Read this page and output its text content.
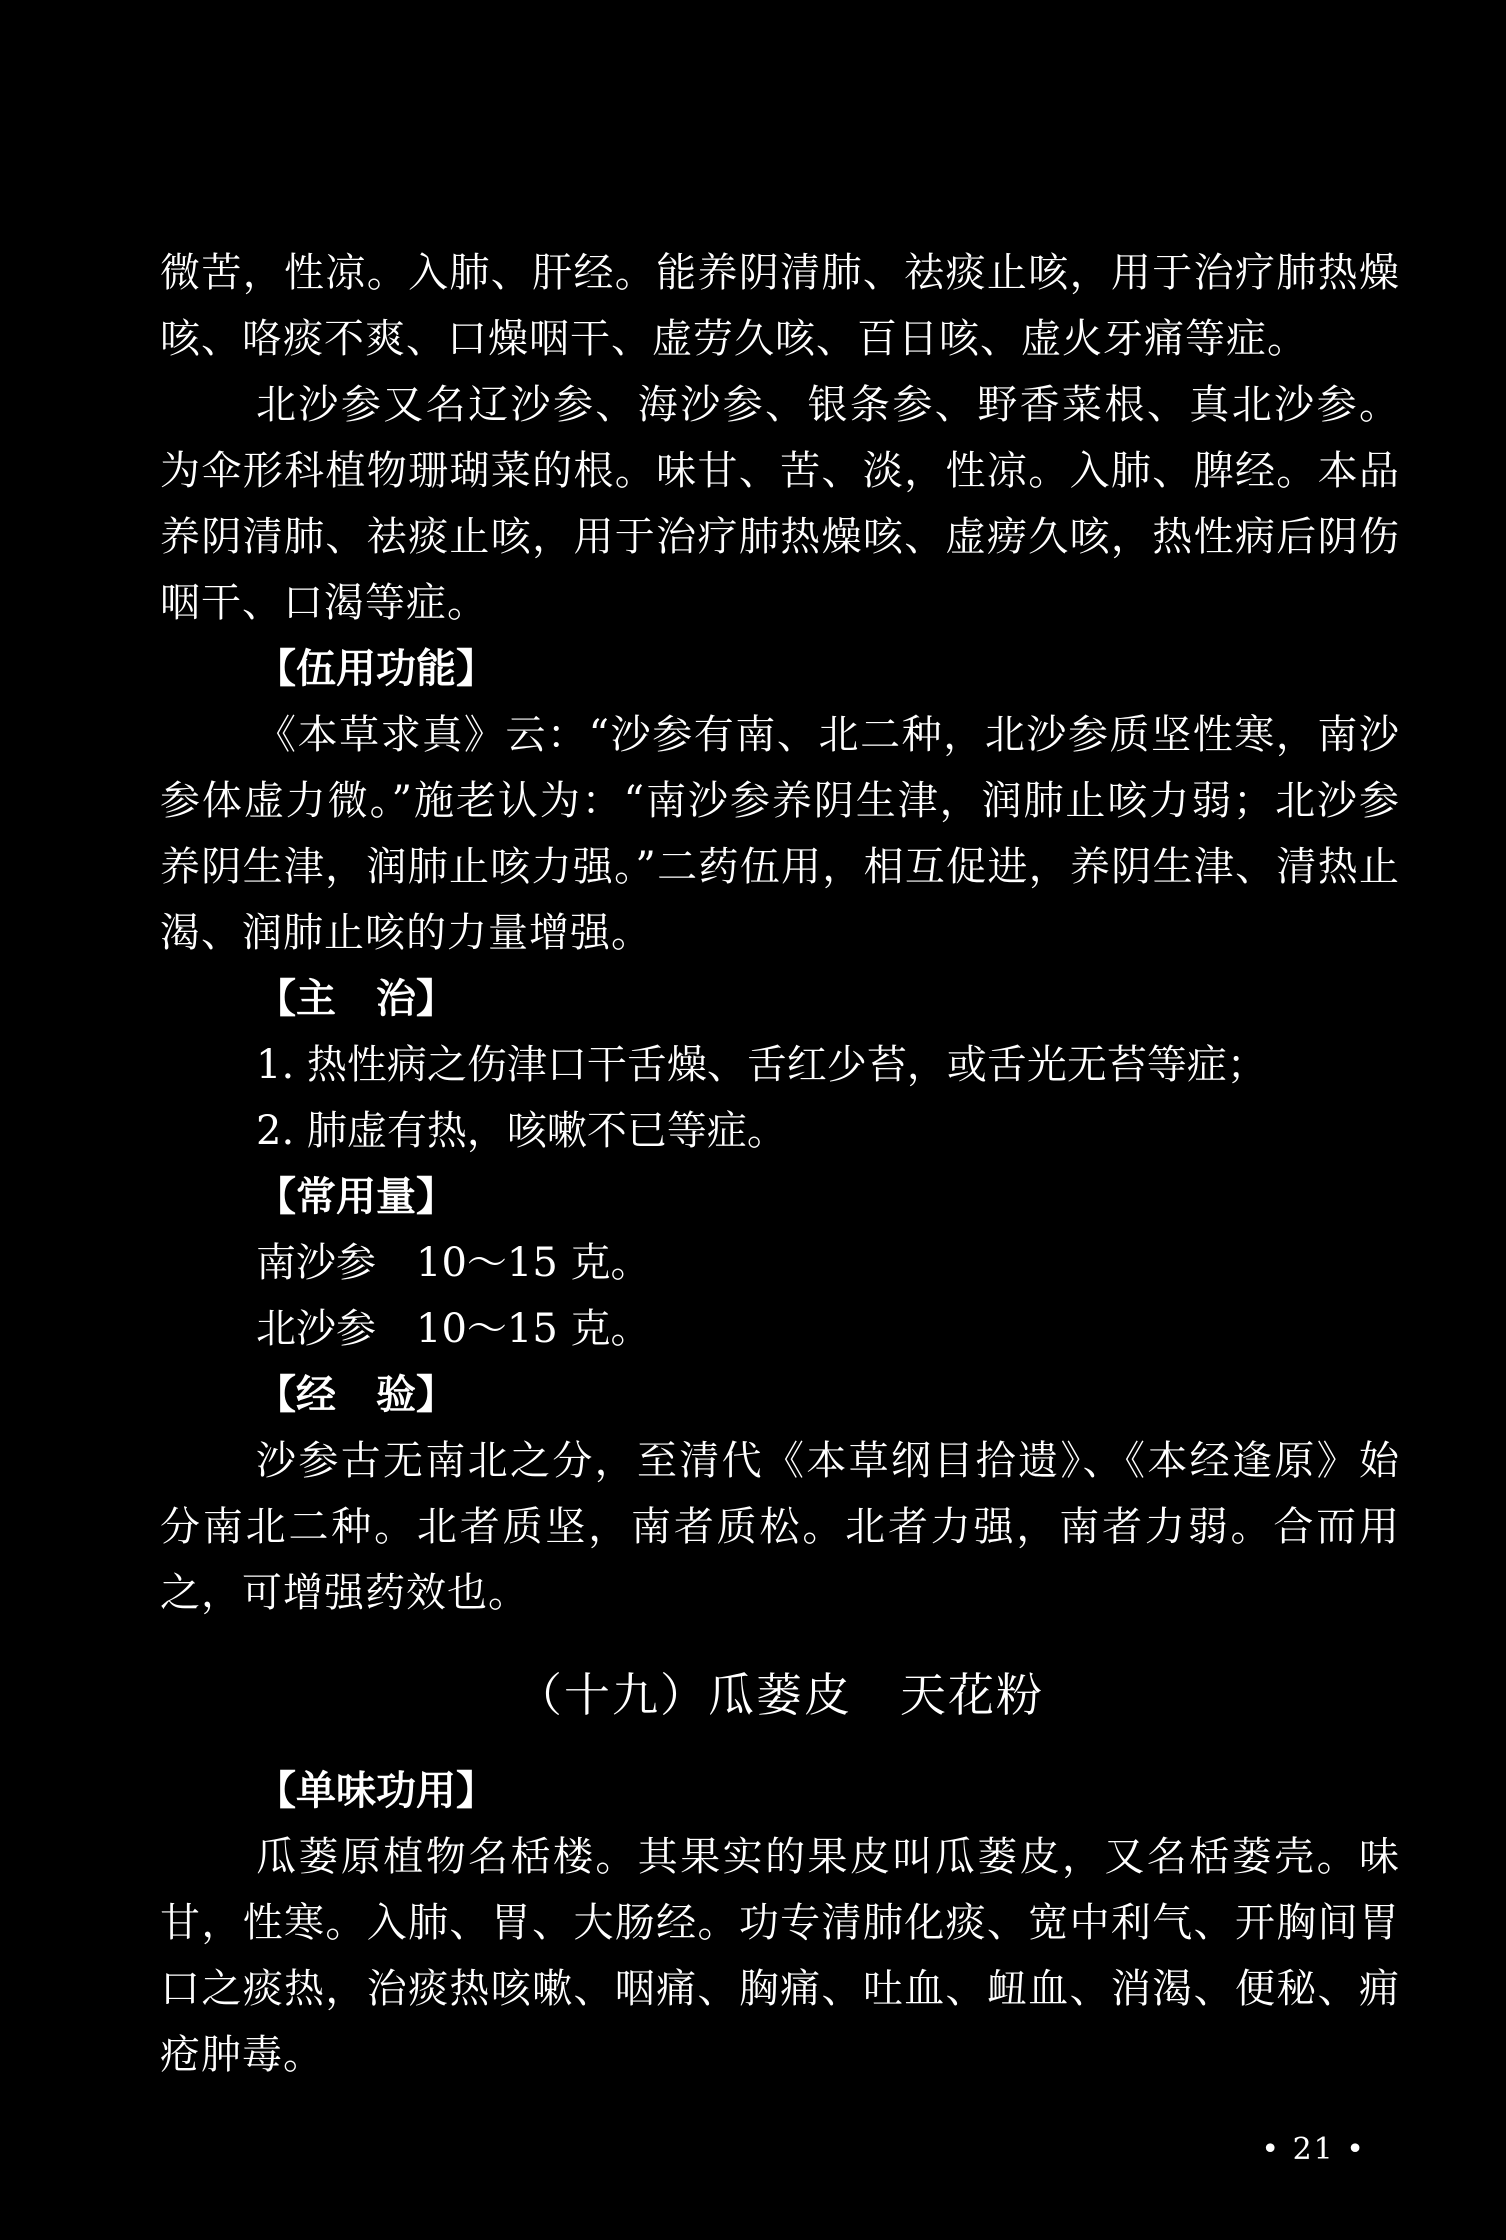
微苦，性凉。入肺、肝经。能养阴清肺、祛痰止咳，用于治疗肺热燥咳、咯痰不爽、口燥咽干、虚劳久咳、百日咳、虚火牙痛等症。

北沙参又名辽沙参、海沙参、银条参、野香菜根、真北沙参。为伞形科植物珊瑚菜的根。味甘、苦、淡，性凉。入肺、脾经。本品养阴清肺、祛痰止咳，用于治疗肺热燥咳、虚痨久咳，热性病后阴伤咽干、口渴等症。

【伍用功能】

《本草求真》云：“沙参有南、北二种，北沙参质坚性寒，南沙参体虚力微。”施老认为：“南沙参养阴生津，润肺止咳力弱；北沙参养阴生津，润肺止咳力强。”二药伍用，相互促进，养阴生津、清热止渴、润肺止咳的力量增强。

【主　治】
1. 热性病之伤津口干舌燥、舌红少苔，或舌光无苔等症；
2. 肺虚有热，咳嗽不已等症。
【常用量】
南沙参 10～15 克。
北沙参 10～15 克。
【经　验】

沙参古无南北之分，至清代《本草纲目拾遗》、《本经逢原》始分南北二种。北者质坚，南者质松。北者力强，南者力弱。合而用之，可增强药效也。

（十九）瓜蒌皮　天花粉
【单味功用】

瓜蒌原植物名栝楼。其果实的果皮叫瓜蒌皮，又名栝蒌壳。味甘，性寒。入肺、胃、大肠经。功专清肺化痰、宽中利气、开胸间胃口之痰热，治痰热咳嗽、咽痛、胸痛、吐血、衄血、消渴、便秘、痈疮肿毒。

• 21 •
